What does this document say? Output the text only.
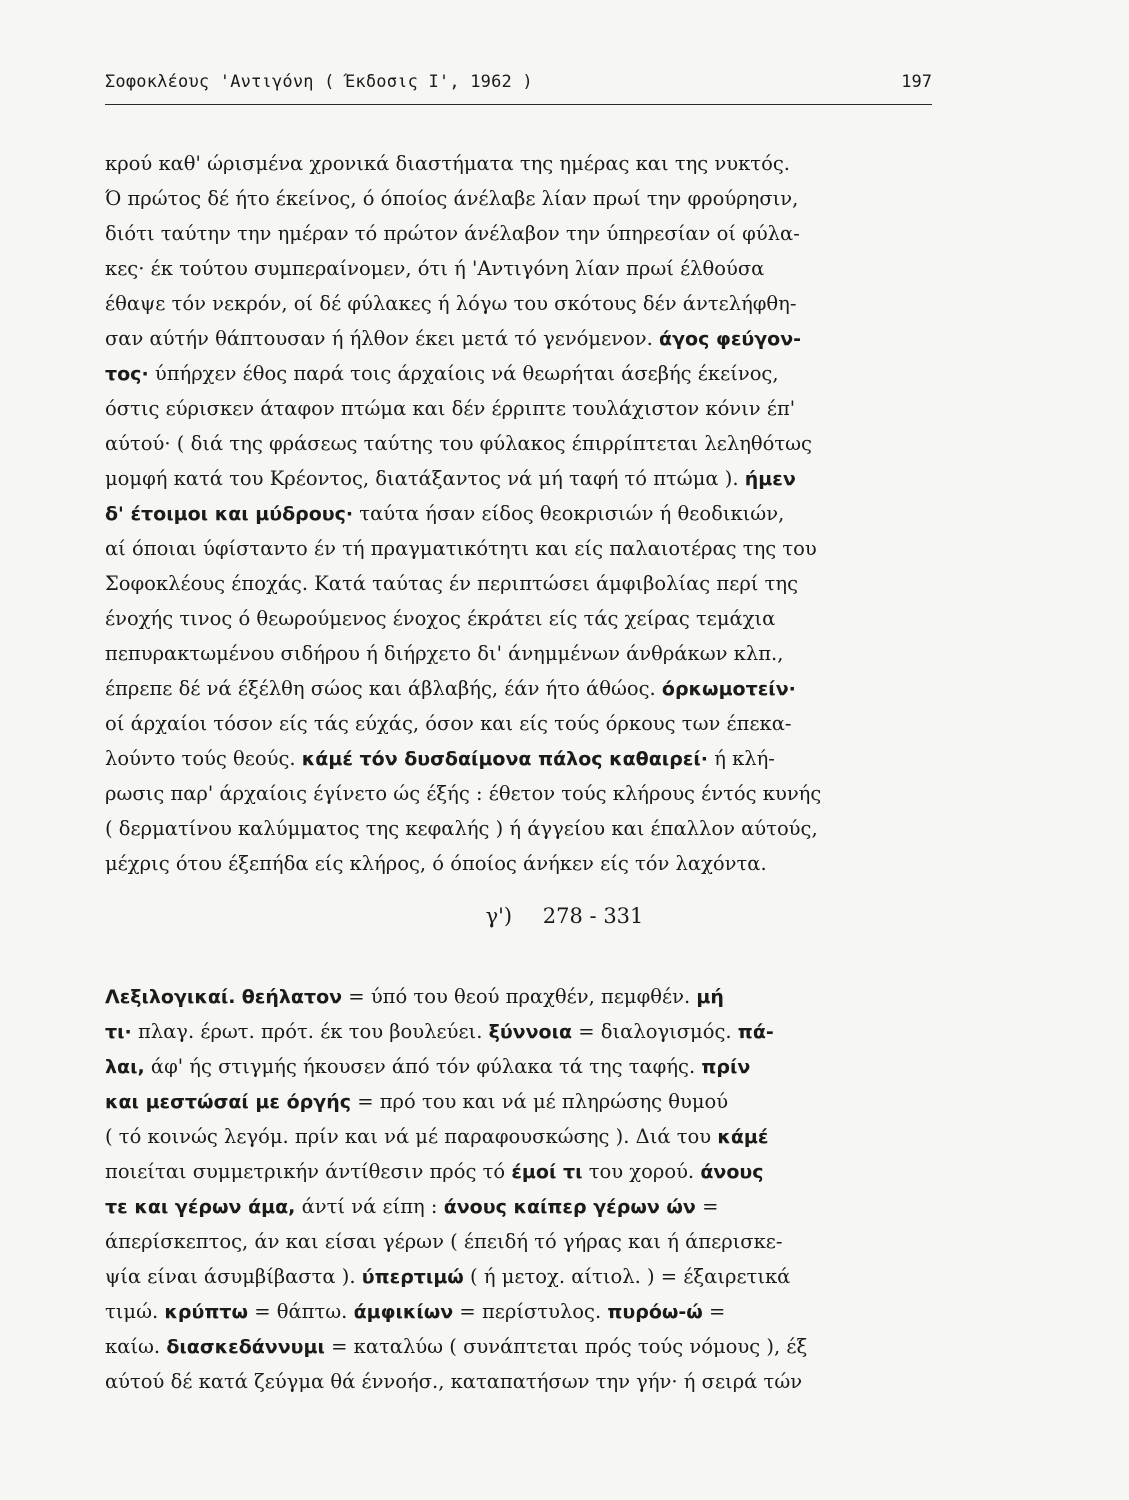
Σοφοκλέους 'Αντιγόνη ( Έκδοσις Ι', 1962 )	197
κρού καθ' ώρισμένα χρονικά διαστήματα της ημέρας και της νυκτός.
Ό πρώτος δέ ήτο έκείνος, ό όποίος άνέλαβε λίαν πρωί την φρούρησιν,
διότι ταύτην την ημέραν τό πρώτον άνέλαβον την ύπηρεσίαν οί φύλα-
κες· έκ τούτου συμπεραίνομεν, ότι ή 'Αντιγόνη λίαν πρωί έλθούσα
έθαψε τόν νεκρόν, οί δέ φύλακες ή λόγω του σκότους δέν άντελήφθη-
σαν αύτήν θάπτουσαν ή ήλθον έκει μετά τό γενόμενον. άγος φεύγον-
τος· ύπήρχεν έθος παρά τοις άρχαίοις νά θεωρήται άσεβής έκείνος,
όστις εύρισκεν άταφον πτώμα και δέν έρριπτε τουλάχιστον κόνιν έπ'
αύτού· ( διά της φράσεως ταύτης του φύλακος έπιρρίπτεται λεληθότως
μομφή κατά του Κρέοντος, διατάξαντος νά μή ταφή τό πτώμα ). ήμεν
δ' έτοιμοι και μύδρους· ταύτα ήσαν είδος θεοκρισιών ή θεοδικιών,
αί όποιαι ύφίσταντο έν τή πραγματικότητι και είς παλαιοτέρας της του
Σοφοκλέους έποχάς. Κατά ταύτας έν περιπτώσει άμφιβολίας περί της
ένοχής τινος ό θεωρούμενος ένοχος έκράτει είς τάς χείρας τεμάχια
πεπυρακτωμένου σιδήρου ή διήρχετο δι' άνημμένων άνθράκων κλπ.,
έπρεπε δέ νά έξέλθη σώος και άβλαβής, έάν ήτο άθώος. όρκωμοτείν·
οί άρχαίοι τόσον είς τάς εύχάς, όσον και είς τούς όρκους των έπεκα-
λούντο τούς θεούς. κάμέ τόν δυσδαίμονα πάλος καθαιρεί· ή κλή-
ρωσις παρ' άρχαίοις έγίνετο ώς έξής : έθετον τούς κλήρους έντός κυνής
( δερματίνου καλύμματος της κεφαλής ) ή άγγείου και έπαλλον αύτούς,
μέχρις ότου έξεπήδα είς κλήρος, ό όποίος άνήκεν είς τόν λαχόντα.
γ') 278 - 331
Λεξιλογικαί. θεήλατον = ύπό του θεού πραχθέν, πεμφθέν. μή
τι· πλαγ. έρωτ. πρότ. έκ του βουλεύει. ξύννοια = διαλογισμός. πά-
λαι, άφ' ής στιγμής ήκουσεν άπό τόν φύλακα τά της ταφής. πρίν
και μεστώσαί με όργής = πρό του και νά μέ πληρώσης θυμού
( τό κοινώς λεγόμ. πρίν και νά μέ παραφουσκώσης ). Διά του κάμέ
ποιείται συμμετρικήν άντίθεσιν πρός τό έμοί τι του χορού. άνους
τε και γέρων άμα, άντί νά είπη : άνους καίπερ γέρων ών =
άπερίσκεπτος, άν και είσαι γέρων ( έπειδή τό γήρας και ή άπερισκε-
ψία είναι άσυμβίβαστα ). ύπερτιμώ ( ή μετοχ. αίτιολ. ) = έξαιρετικά
τιμώ. κρύπτω = θάπτω. άμφικίων = περίστυλος. πυρόω-ώ =
καίω. διασκεδάννυμι = καταλύω ( συνάπτεται πρός τούς νόμους ), έξ
αύτού δέ κατά ζεύγμα θά έννοήσ., καταπατήσων την γήν· ή σειρά τών
